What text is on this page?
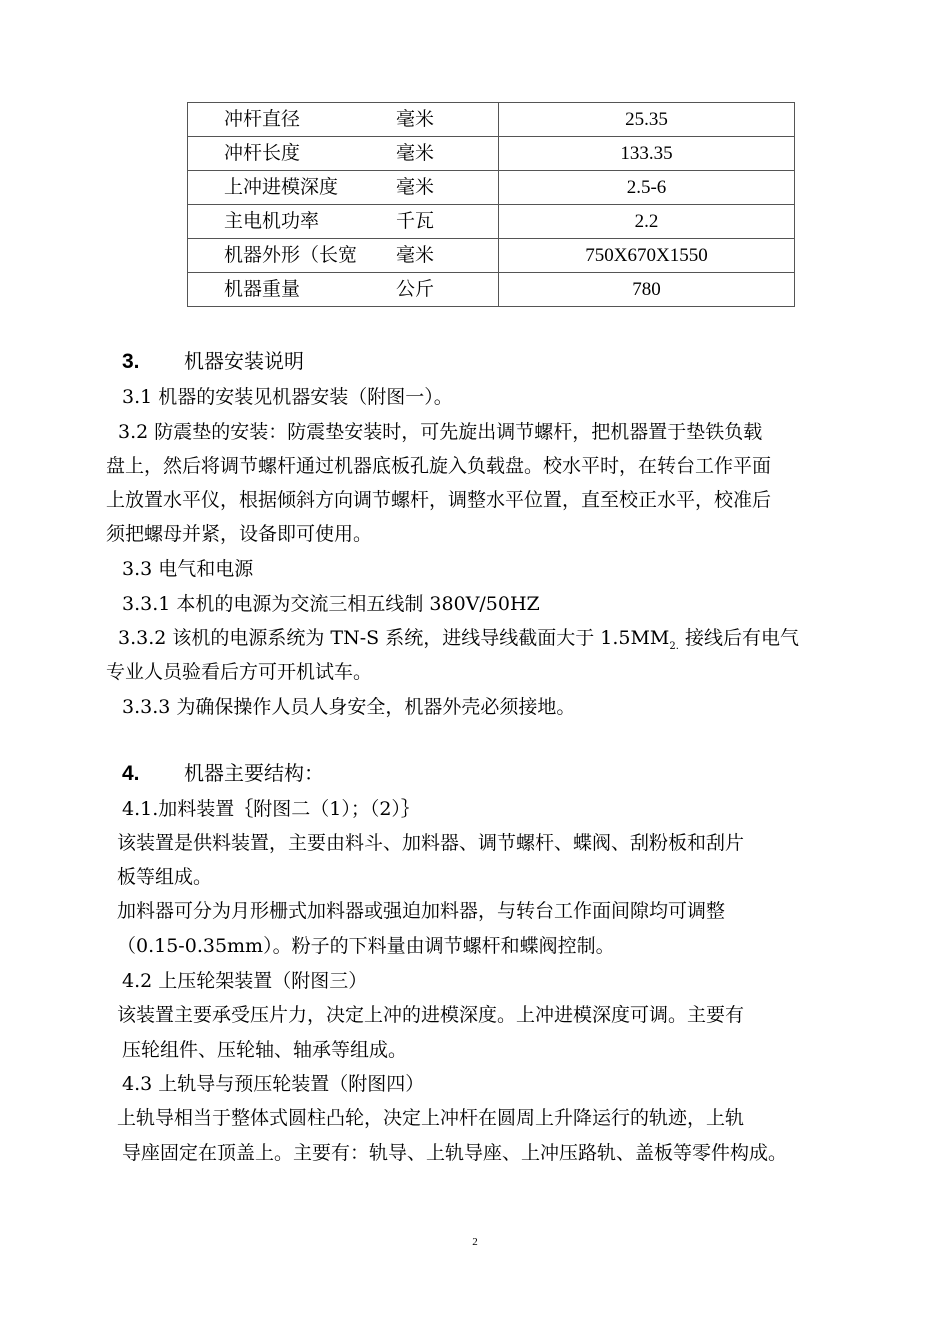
冲杆直径 毫米	25.35
冲杆长度 毫米	133.35
上冲进模深度 毫米	2.5-6
主电机功率 千瓦	2.2
机器外形（长宽 毫米	750X670X1550
机器重量 公斤	780
3. 机器安装说明
3.1 机器的安装见机器安装（附图一）。
3.2 防震垫的安装：防震垫安装时，可先旋出调节螺杆，把机器置于垫铁负载
盘上，然后将调节螺杆通过机器底板孔旋入负载盘。校水平时，在转台工作平面
上放置水平仪，根据倾斜方向调节螺杆，调整水平位置，直至校正水平，校准后
须把螺母并紧，设备即可使用。
3.3 电气和电源
3.3.1 本机的电源为交流三相五线制 380V/50HZ
3.3.2 该机的电源系统为 TN-S 系统，进线导线截面大于 $1.5MM_{2.}$ 接线后有电气
专业人员验看后方可开机试车。
3.3.3 为确保操作人员人身安全，机器外壳必须接地。
4. 机器主要结构：
4.1.加料装置｛附图二（1）；（2）｝
该装置是供料装置，主要由料斗、加料器、调节螺杆、蝶阀、刮粉板和刮片
板等组成。
加料器可分为月形栅式加料器或强迫加料器，与转台工作面间隙均可调整
（0.15-0.35mm）。粉子的下料量由调节螺杆和蝶阀控制。
4.2 上压轮架装置（附图三）
该装置主要承受压片力，决定上冲的进模深度。上冲进模深度可调。主要有
压轮组件、压轮轴、轴承等组成。
4.3 上轨导与预压轮装置（附图四）
上轨导相当于整体式圆柱凸轮，决定上冲杆在圆周上升降运行的轨迹，上轨
导座固定在顶盖上。主要有：轨导、上轨导座、上冲压路轨、盖板等零件构成。
2
